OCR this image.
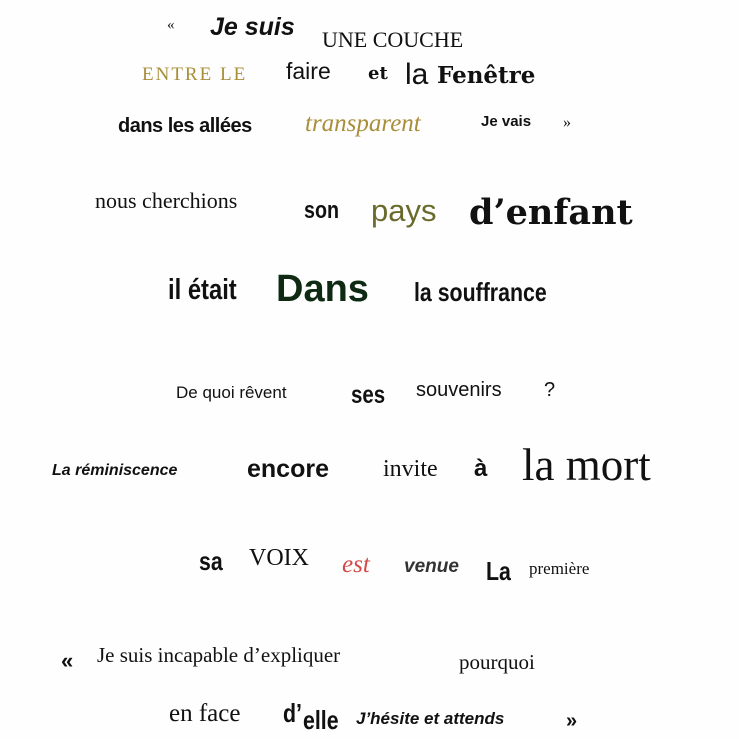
« Je suis UNE COUCHE
ENTRE LE faire et la Fenêtre
dans les allées transparent	Je vais »
nous cherchions	son pays d’enfant
il était Dans la souffrance
De quoi rêvent	ses souvenirs ?
La réminiscence	encore invite à la mort
sa VOIX est venue La première
« Je suis incapable d’expliquer	pourquoi
en face d’ elle J’hésite et attends	»
